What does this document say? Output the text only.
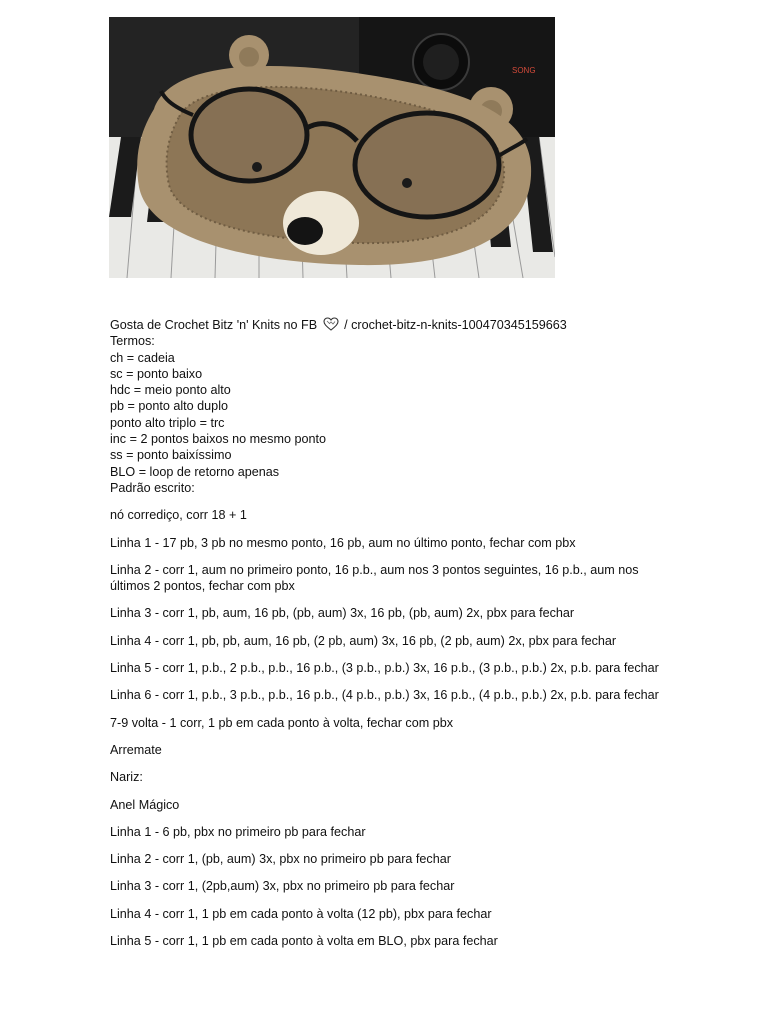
SONG
Gosta de Crochet Bitz 'n' Knits no FB / crochet-bitz-n-knits-100470345159663
Termos:
ch = cadeia
sc = ponto baixo
hdc = meio ponto alto
pb = ponto alto duplo
ponto alto triplo = trc
inc = 2 pontos baixos no mesmo ponto
ss = ponto baixíssimo
BLO = loop de retorno apenas
Padrão escrito:
nó corrediço, corr 18 + 1
Linha 1 - 17 pb, 3 pb no mesmo ponto, 16 pb, aum no último ponto, fechar com pbx
Linha 2 - corr 1, aum no primeiro ponto, 16 p.b., aum nos 3 pontos seguintes, 16 p.b., aum nos últimos 2 pontos, fechar com pbx
Linha 3 - corr 1, pb, aum, 16 pb, (pb, aum) 3x, 16 pb, (pb, aum) 2x, pbx para fechar
Linha 4 - corr 1, pb, pb, aum, 16 pb, (2 pb, aum) 3x, 16 pb, (2 pb, aum) 2x, pbx para fechar
Linha 5 - corr 1, p.b., 2 p.b., p.b., 16 p.b., (3 p.b., p.b.) 3x, 16 p.b., (3 p.b., p.b.) 2x, p.b. para fechar
Linha 6 - corr 1, p.b., 3 p.b., p.b., 16 p.b., (4 p.b., p.b.) 3x, 16 p.b., (4 p.b., p.b.) 2x, p.b. para fechar
7-9 volta - 1 corr, 1 pb em cada ponto à volta, fechar com pbx
Arremate
Nariz:
Anel Mágico
Linha 1 - 6 pb, pbx no primeiro pb para fechar
Linha 2 - corr 1, (pb, aum) 3x, pbx no primeiro pb para fechar
Linha 3 - corr 1, (2pb,aum) 3x, pbx no primeiro pb para fechar
Linha 4 - corr 1, 1 pb em cada ponto à volta (12 pb), pbx para fechar
Linha 5 - corr 1, 1 pb em cada ponto à volta em BLO, pbx para fechar
